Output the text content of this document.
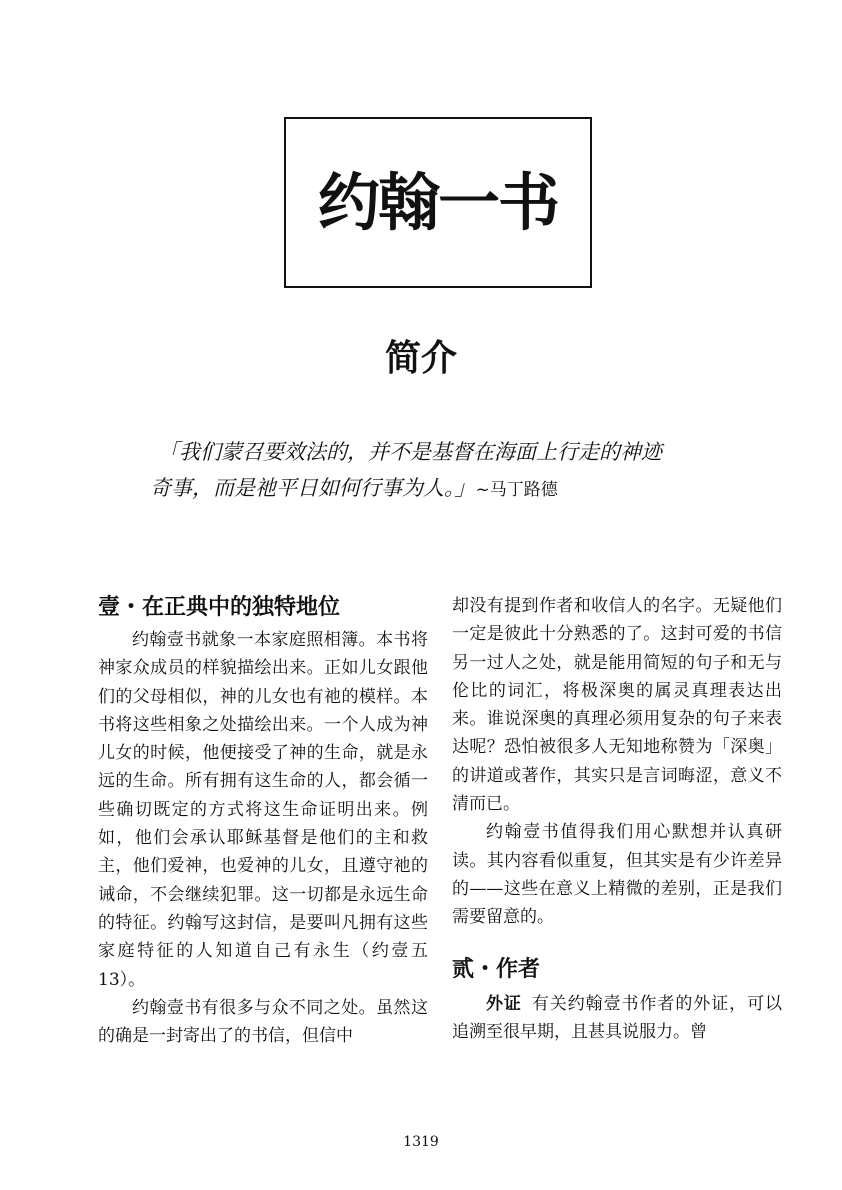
约翰一书
简介
「我们蒙召要效法的，并不是基督在海面上行走的神迹
奇事，而是祂平日如何行事为人。」~马丁路德
壹・在正典中的独特地位

约翰壹书就象一本家庭照相簿。本书将神家众成员的样貌描绘出来。正如儿女跟他们的父母相似，神的儿女也有祂的模样。本书将这些相象之处描绘出来。一个人成为神儿女的时候，他便接受了神的生命，就是永远的生命。所有拥有这生命的人，都会循一些确切既定的方式将这生命证明出来。例如，他们会承认耶稣基督是他们的主和救主，他们爱神，也爱神的儿女，且遵守祂的诫命，不会继续犯罪。这一切都是永远生命的特征。约翰写这封信，是要叫凡拥有这些家庭特征的人知道自己有永生（约壹五13）。

约翰壹书有很多与众不同之处。虽然这的确是一封寄出了的书信，但信中

却没有提到作者和收信人的名字。无疑他们一定是彼此十分熟悉的了。这封可爱的书信另一过人之处，就是能用简短的句子和无与伦比的词汇，将极深奥的属灵真理表达出来。谁说深奥的真理必须用复杂的句子来表达呢？恐怕被很多人无知地称赞为「深奥」的讲道或著作，其实只是言词晦涩，意义不清而已。

约翰壹书值得我们用心默想并认真研读。其内容看似重复，但其实是有少许差异的——这些在意义上精微的差别，正是我们需要留意的。

贰・作者

外证 有关约翰壹书作者的外证，可以追溯至很早期，且甚具说服力。曾

1319
